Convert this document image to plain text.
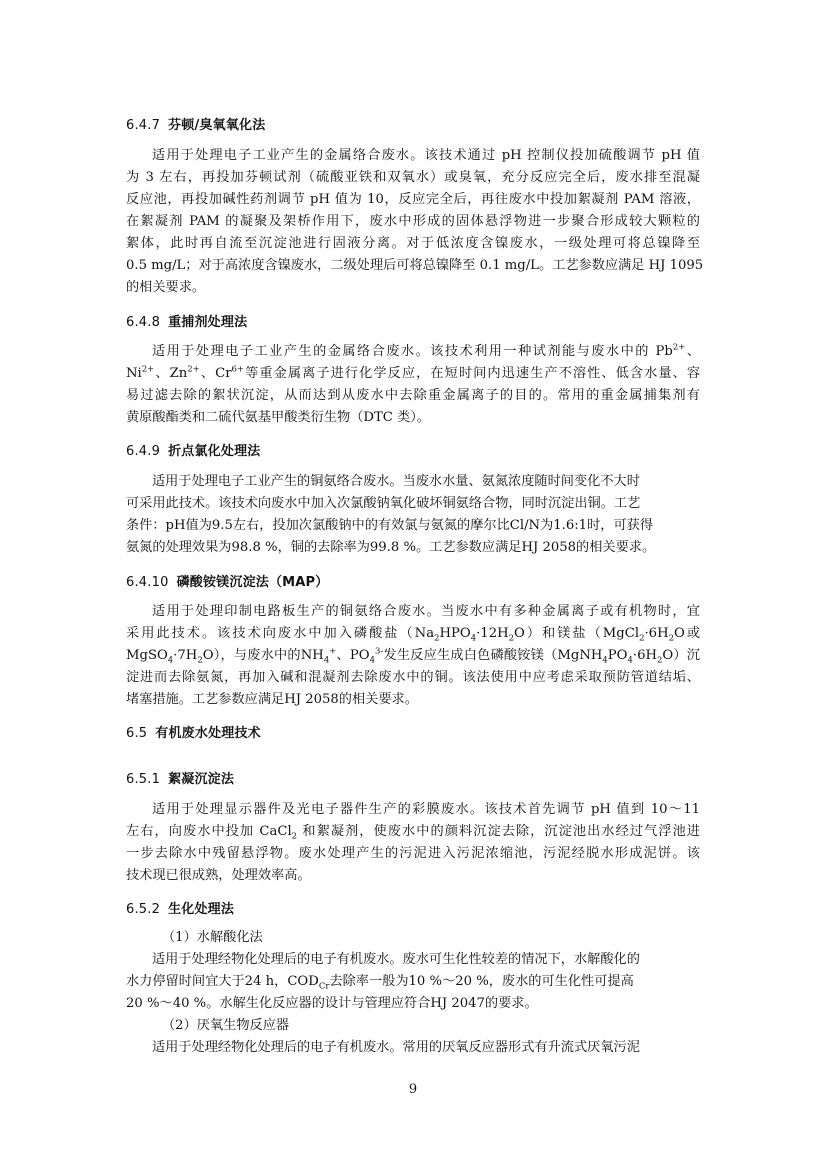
6.4.7 芬顿/臭氧氧化法
适用于处理电子工业产生的金属络合废水。该技术通过 pH 控制仪投加硫酸调节 pH 值
为 3 左右，再投加芬顿试剂（硫酸亚铁和双氧水）或臭氧，充分反应完全后，废水排至混凝
反应池，再投加碱性药剂调节 pH 值为 10，反应完全后，再往废水中投加絮凝剂 PAM 溶液，
在絮凝剂 PAM 的凝聚及架桥作用下，废水中形成的固体悬浮物进一步聚合形成较大颗粒的
絮体，此时再自流至沉淀池进行固液分离。对于低浓度含镍废水，一级处理可将总镍降至
0.5 mg/L；对于高浓度含镍废水，二级处理后可将总镍降至 0.1 mg/L。工艺参数应满足 HJ 1095
的相关要求。
6.4.8 重捕剂处理法
适用于处理电子工业产生的金属络合废水。该技术利用一种试剂能与废水中的 $Pb^{2+}$、
$Ni^{2+}$、$Zn^{2+}$、$Cr^{6+}$等重金属离子进行化学反应，在短时间内迅速生产不溶性、低含水量、容
易过滤去除的絮状沉淀，从而达到从废水中去除重金属离子的目的。常用的重金属捕集剂有
黄原酸酯类和二硫代氨基甲酸类衍生物（DTC 类）。
6.4.9 折点氯化处理法
适用于处理电子工业产生的铜氨络合废水。当废水水量、氨氮浓度随时间变化不大时
可采用此技术。该技术向废水中加入次氯酸钠氧化破坏铜氨络合物，同时沉淀出铜。工艺
条件：pH值为9.5左右，投加次氯酸钠中的有效氯与氨氮的摩尔比Cl/N为1.6:1时，可获得
氨氮的处理效果为98.8 %，铜的去除率为99.8 %。工艺参数应满足HJ 2058的相关要求。
6.4.10 磷酸铵镁沉淀法（MAP）
适用于处理印制电路板生产的铜氨络合废水。当废水中有多种金属离子或有机物时，宜
采用此技术。该技术向废水中加入磷酸盐$(Na_2HPO_4\cdot 12H_2O)$和镁盐（$MgCl_2\cdot 6H_2O$或
$MgSO_4\cdot 7H_2O$），与废水中的$NH_4^+$、$PO_4^{3-}$发生反应生成白色磷酸铵镁$(MgNH_4PO_4\cdot 6H_2O)$沉
淀进而去除氨氮，再加入碱和混凝剂去除废水中的铜。该法使用中应考虑采取预防管道结垢、
堵塞措施。工艺参数应满足HJ 2058的相关要求。
6.5 有机废水处理技术
6.5.1 絮凝沉淀法
适用于处理显示器件及光电子器件生产的彩膜废水。该技术首先调节 pH 值到 10～11
左右，向废水中投加 CaCl$_2$ 和絮凝剂，使废水中的颜料沉淀去除，沉淀池出水经过气浮池进
一步去除水中残留悬浮物。废水处理产生的污泥进入污泥浓缩池，污泥经脱水形成泥饼。该
技术现已很成熟，处理效率高。
6.5.2 生化处理法
（1）水解酸化法
适用于处理经物化处理后的电子有机废水。废水可生化性较差的情况下，水解酸化的
水力停留时间宜大于24 h，$COD_{Cr}$去除率一般为10 %～20 %，废水的可生化性可提高
20 %～40 %。水解生化反应器的设计与管理应符合HJ 2047的要求。
（2）厌氧生物反应器
适用于处理经物化处理后的电子有机废水。常用的厌氧反应器形式有升流式厌氧污泥
9
